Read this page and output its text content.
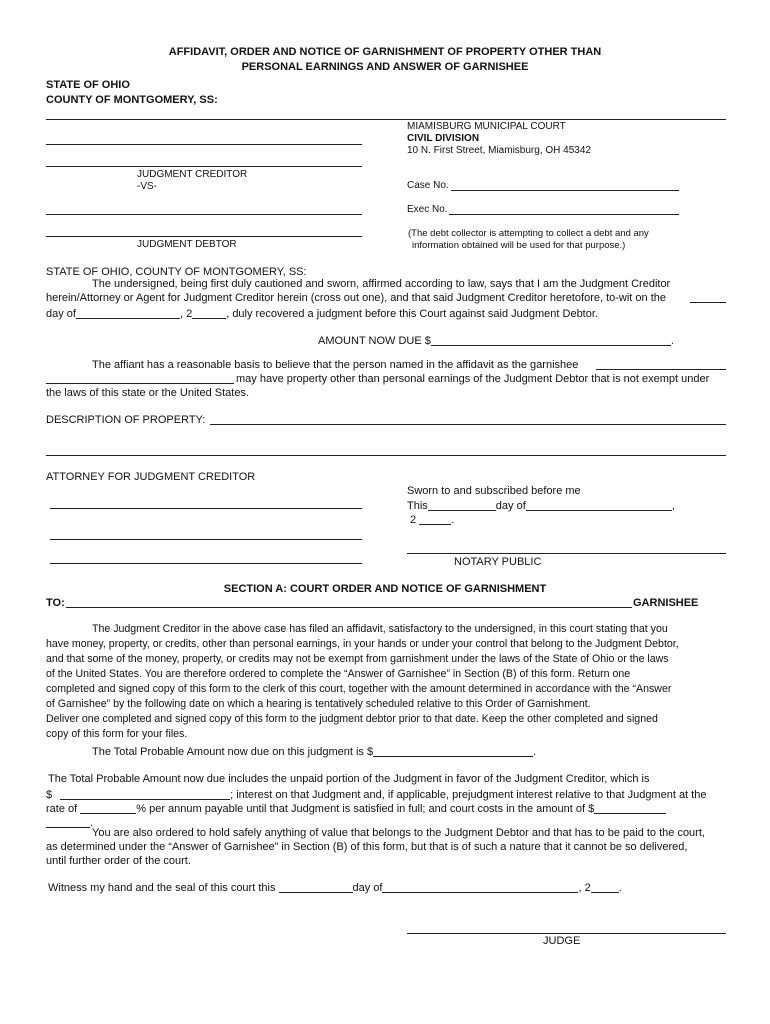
AFFIDAVIT, ORDER AND NOTICE OF GARNISHMENT OF PROPERTY OTHER THAN
PERSONAL EARNINGS AND ANSWER OF GARNISHEE
STATE OF OHIO
COUNTY OF MONTGOMERY, SS:
JUDGMENT CREDITOR
-VS-
JUDGMENT DEBTOR
MIAMISBURG MUNICIPAL COURT
CIVIL DIVISION
10 N. First Street, Miamisburg, OH 45342
Case No.
Exec No.
(The debt collector is attempting to collect a debt and any
information obtained will be used for that purpose.)
STATE OF OHIO, COUNTY OF MONTGOMERY, SS:
The undersigned, being first duly cautioned and sworn, affirmed according to law, says that I am the Judgment Creditor
herein/Attorney or Agent for Judgment Creditor herein (cross out one), and that said Judgment Creditor heretofore, to-wit on the
day of	, 2	, duly recovered a judgment before this Court against said Judgment Debtor.
AMOUNT NOW DUE $	.
The affiant has a reasonable basis to believe that the person named in the affidavit as the garnishee
may have property other than personal earnings of the Judgment Debtor that is not exempt under
the laws of this state or the United States.
DESCRIPTION OF PROPERTY:
ATTORNEY FOR JUDGMENT CREDITOR
Sworn to and subscribed before me
This	day of	,
2	.
NOTARY PUBLIC
SECTION A: COURT ORDER AND NOTICE OF GARNISHMENT
TO:	GARNISHEE

The Judgment Creditor in the above case has filed an affidavit, satisfactory to the undersigned, in this court stating that you

have money, property, or credits, other than personal earnings, in your hands or under your control that belong to the Judgment Debtor,

and that some of the money, property, or credits may not be exempt from garnishment under the laws of the State of Ohio or the laws

of the United States. You are therefore ordered to complete the “Answer of Garnishee” in Section (B) of this form. Return one

completed and signed copy of this form to the clerk of this court, together with the amount determined in accordance with the “Answer

of Garnishee” by the following date on which a hearing is tentatively scheduled relative to this Order of Garnishment.

Deliver one completed and signed copy of this form to the judgment debtor prior to that date. Keep the other completed and signed

copy of this form for your files.

The Total Probable Amount now due on this judgment is $	.
The Total Probable Amount now due includes the unpaid portion of the Judgment in favor of the Judgment Creditor, which is
$	; interest on that Judgment and, if applicable, prejudgment interest relative to that Judgment at the
rate of	% per annum payable until that Judgment is satisfied in full; and court costs in the amount of $
.
You are also ordered to hold safely anything of value that belongs to the Judgment Debtor and that has to be paid to the court,
as determined under the “Answer of Garnishee” in Section (B) of this form, but that is of such a nature that it cannot be so delivered,
until further order of the court.
Witness my hand and the seal of this court this	day of	, 2	.
JUDGE
